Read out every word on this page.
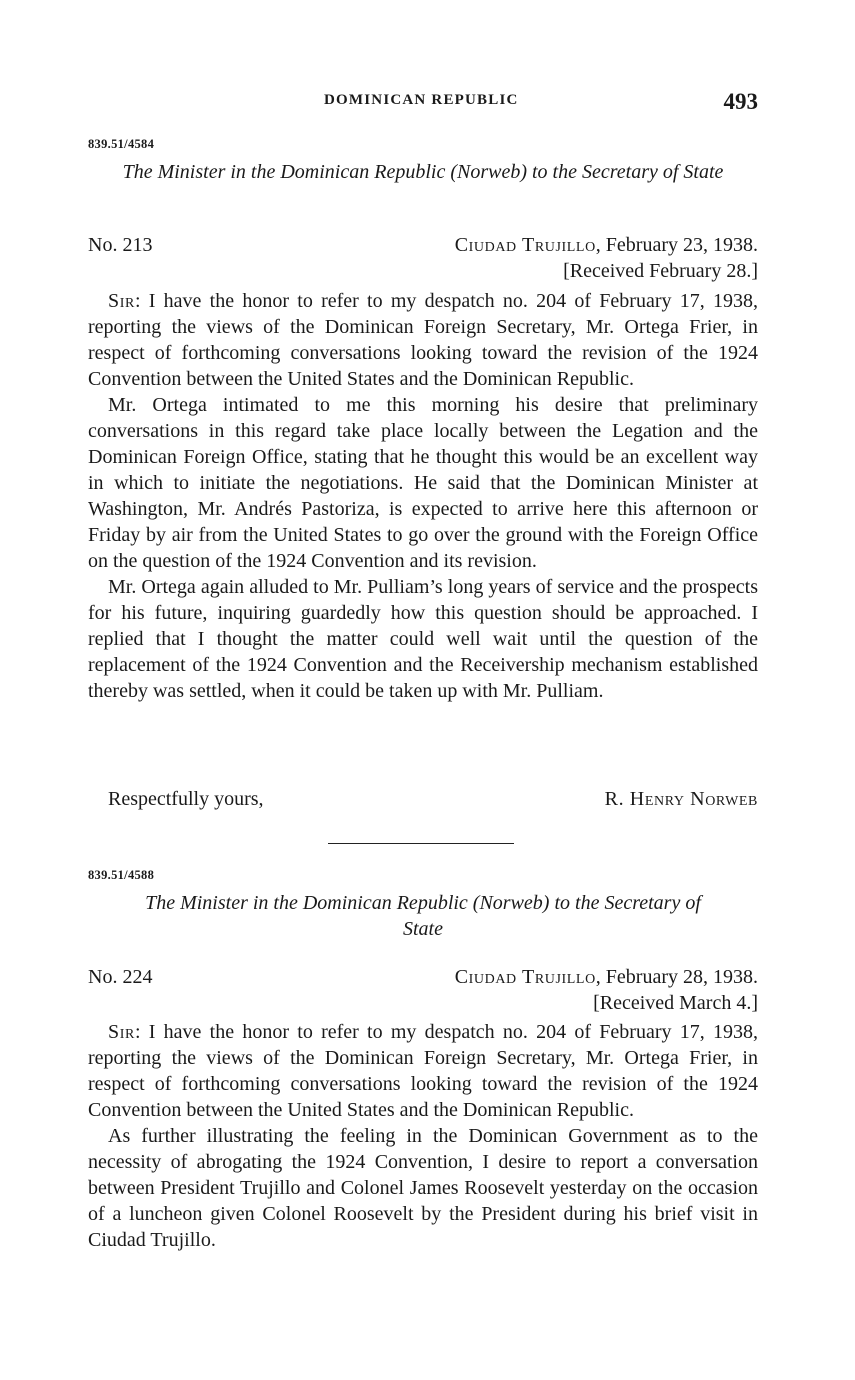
DOMINICAN REPUBLIC	493
839.51/4584
The Minister in the Dominican Republic (Norweb) to the Secretary of State
No. 213	Ciudad Trujillo, February 23, 1938.
[Received February 28.]

Sir: I have the honor to refer to my despatch no. 204 of February 17, 1938, reporting the views of the Dominican Foreign Secretary, Mr. Ortega Frier, in respect of forthcoming conversations looking toward the revision of the 1924 Convention between the United States and the Dominican Republic.

Mr. Ortega intimated to me this morning his desire that preliminary conversations in this regard take place locally between the Legation and the Dominican Foreign Office, stating that he thought this would be an excellent way in which to initiate the negotiations. He said that the Dominican Minister at Washington, Mr. Andrés Pastoriza, is expected to arrive here this afternoon or Friday by air from the United States to go over the ground with the Foreign Office on the question of the 1924 Convention and its revision.

Mr. Ortega again alluded to Mr. Pulliam’s long years of service and the prospects for his future, inquiring guardedly how this question should be approached. I replied that I thought the matter could well wait until the question of the replacement of the 1924 Convention and the Receivership mechanism established thereby was settled, when it could be taken up with Mr. Pulliam.

Respectfully yours,	R. Henry Norweb
839.51/4588
The Minister in the Dominican Republic (Norweb) to the Secretary of State
No. 224	Ciudad Trujillo, February 28, 1938.
[Received March 4.]

Sir: I have the honor to refer to my despatch no. 204 of February 17, 1938, reporting the views of the Dominican Foreign Secretary, Mr. Ortega Frier, in respect of forthcoming conversations looking toward the revision of the 1924 Convention between the United States and the Dominican Republic.

As further illustrating the feeling in the Dominican Government as to the necessity of abrogating the 1924 Convention, I desire to report a conversation between President Trujillo and Colonel James Roosevelt yesterday on the occasion of a luncheon given Colonel Roosevelt by the President during his brief visit in Ciudad Trujillo.
